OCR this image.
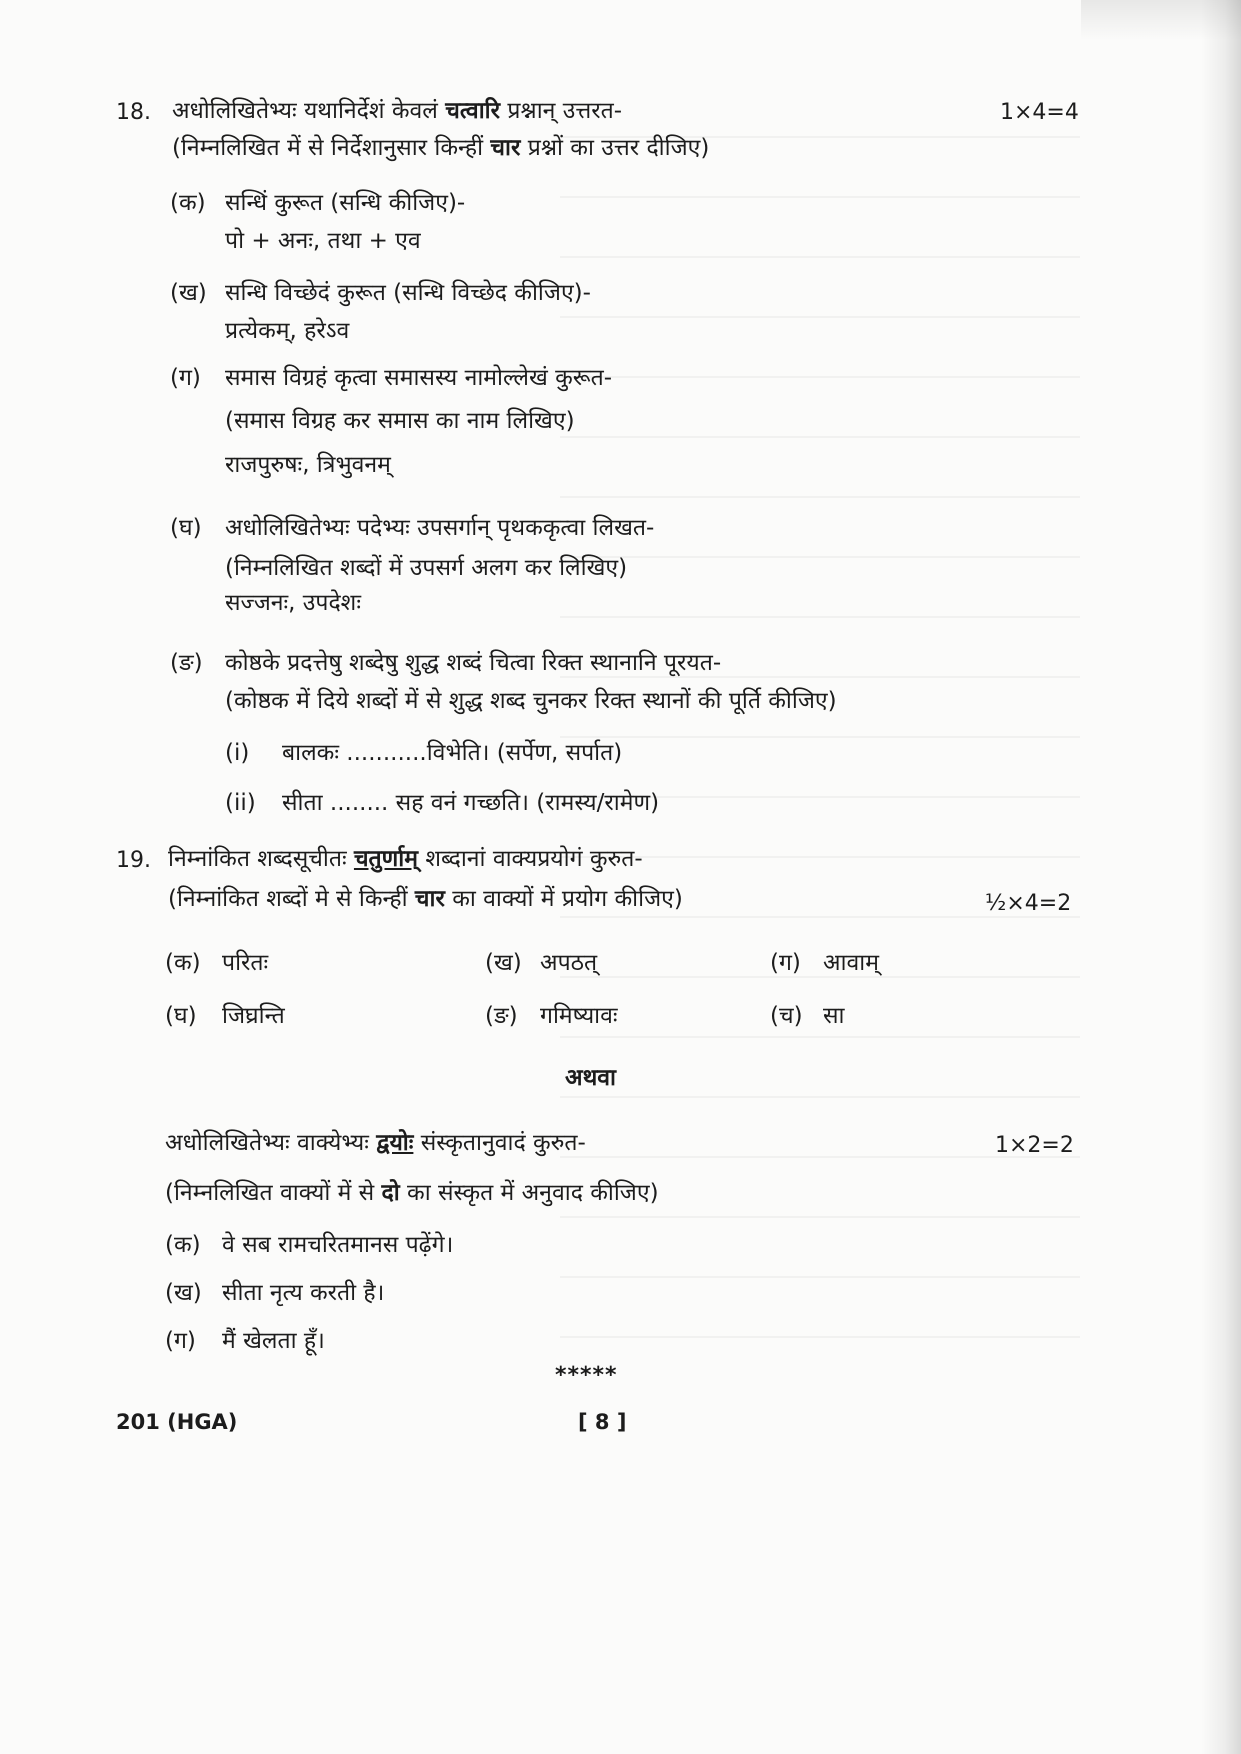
18. अधोलिखितेभ्यः यथानिर्देशं केवलं चत्वारि प्रश्नान् उत्तरत-	1×4=4
(निम्नलिखित में से निर्देशानुसार किन्हीं चार प्रश्नों का उत्तर दीजिए)
(क) सन्धिं कुरूत (सन्धि कीजिए)-
पो + अनः, तथा + एव
(ख) सन्धि विच्छेदं कुरूत (सन्धि विच्छेद कीजिए)-
प्रत्येकम्, हरेऽव
(ग) समास विग्रहं कृत्वा समासस्य नामोल्लेखं कुरूत-
(समास विग्रह कर समास का नाम लिखिए)
राजपुरुषः, त्रिभुवनम्
(घ) अधोलिखितेभ्यः पदेभ्यः उपसर्गान् पृथककृत्वा लिखत-
(निम्नलिखित शब्दों में उपसर्ग अलग कर लिखिए)
सज्जनः, उपदेशः
(ङ) कोष्ठके प्रदत्तेषु शब्देषु शुद्ध शब्दं चित्वा रिक्त स्थानानि पूरयत-
(कोष्ठक में दिये शब्दों में से शुद्ध शब्द चुनकर रिक्त स्थानों की पूर्ति कीजिए)
(i) बालकः ...........विभेति। (सर्पेण, सर्पात)
(ii) सीता ........ सह वनं गच्छति। (रामस्य/रामेण)
19. निम्नांकित शब्दसूचीतः चतुर्णाम् शब्दानां वाक्यप्रयोगं कुरुत-
(निम्नांकित शब्दों मे से किन्हीं चार का वाक्यों में प्रयोग कीजिए)	½×4=2
(क) परितः	(ख) अपठत्	(ग) आवाम्
(घ) जिघ्रन्ति	(ङ) गमिष्यावः	(च) सा
अथवा
अधोलिखितेभ्यः वाक्येभ्यः द्वयोः संस्कृतानुवादं कुरुत-	1×2=2
(निम्नलिखित वाक्यों में से दो का संस्कृत में अनुवाद कीजिए)
(क) वे सब रामचरितमानस पढ़ेंगे।
(ख) सीता नृत्य करती है।
(ग) मैं खेलता हूँ।
*****
201 (HGA)	[ 8 ]
